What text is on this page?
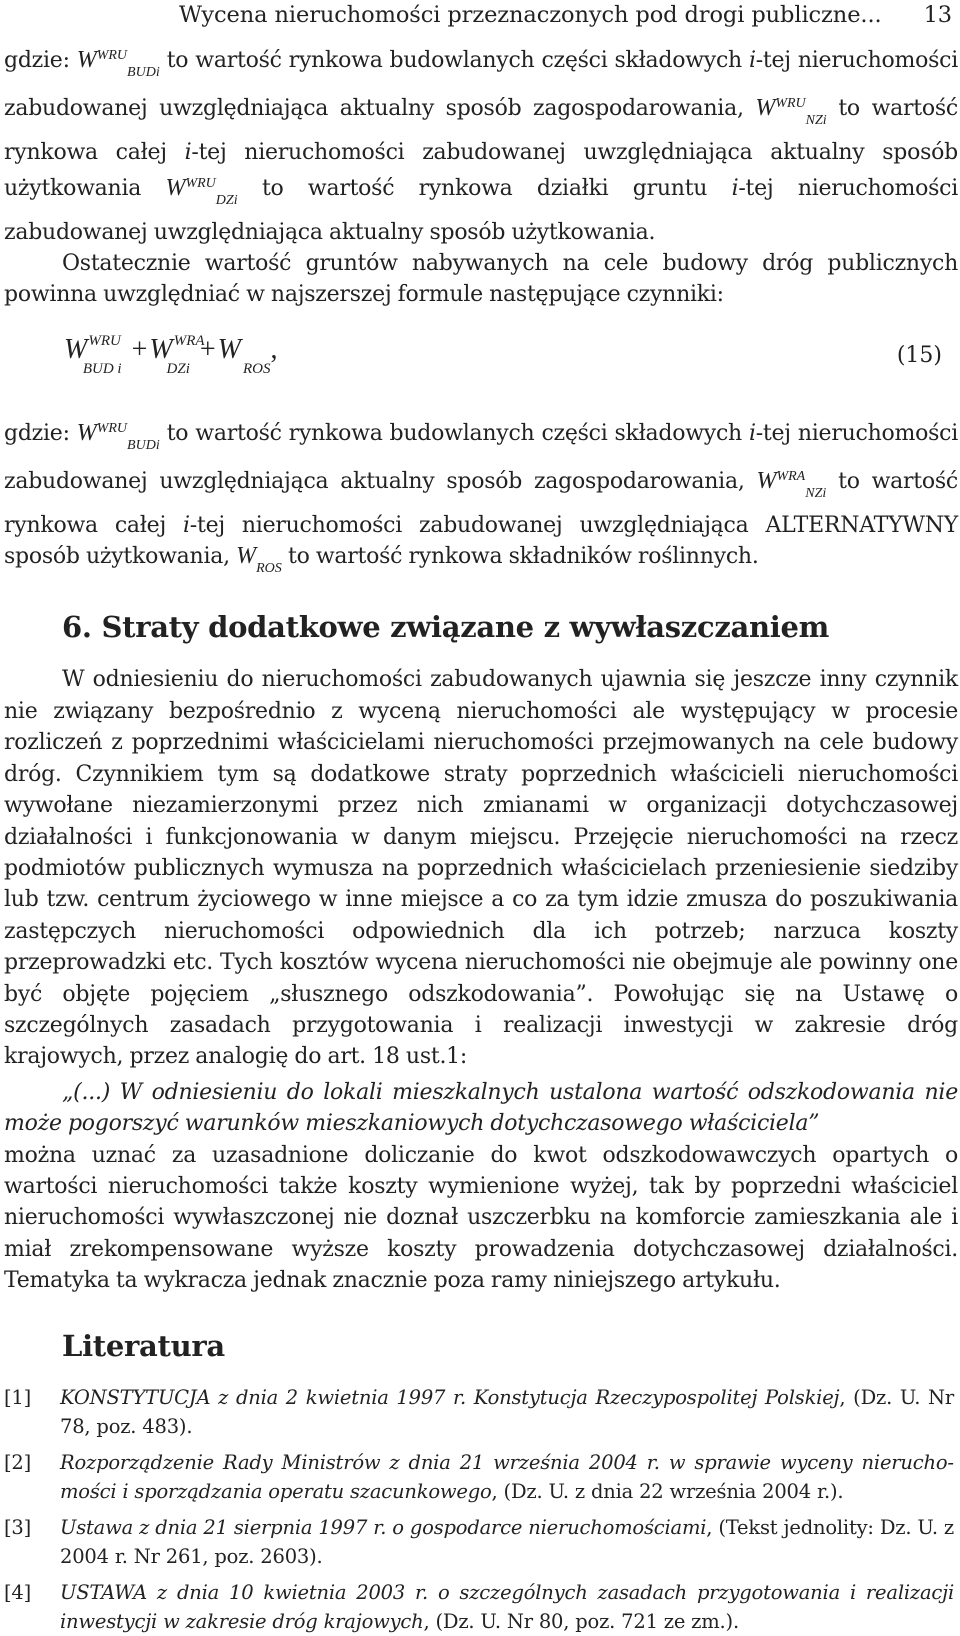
Wycena nieruchomości przeznaczonych pod drogi publiczne... 13

gdzie: $W^{WRU}_{BUDi}$ to wartość rynkowa budowlanych części składowych i-tej nieruchomości zabudowanej uwzględniająca aktualny sposób zagospodarowania, $W^{WRU}_{NZi}$ to wartość rynkowa całej i-tej nieruchomości zabudowanej uwzględniająca aktualny sposób użytkowania $W^{WRU}_{DZi}$ to wartość rynkowa działki gruntu i-tej nieruchomości zabudowanej uwzględniająca aktualny sposób użytkowania.

Ostatecznie wartość gruntów nabywanych na cele budowy dróg publicznych powinna uwzględniać w najszerszej formule następujące czynniki:

$W^{WRU}BUD$ $i+W^{WRA}DZi+WROS$,	(15)

gdzie: $W^{WRU}_{BUDi}$ to wartość rynkowa budowlanych części składowych i-tej nieruchomości zabudowanej uwzględniająca aktualny sposób zagospodarowania, $W^{WRA}_{NZi}$ to wartość rynkowa całej i-tej nieruchomości zabudowanej uwzględniająca ALTERNATYWNY sposób użytkowania, $W_{ROS}$ to wartość rynkowa składników roślinnych.

6. Straty dodatkowe związane z wywłaszczaniem

W odniesieniu do nieruchomości zabudowanych ujawnia się jeszcze inny czynnik nie związany bezpośrednio z wyceną nieruchomości ale występujący w procesie rozliczeń z poprzednimi właścicielami nieruchomości przejmowanych na cele budowy dróg. Czynnikiem tym są dodatkowe straty poprzednich właścicieli nieruchomości wywołane niezamierzonymi przez nich zmianami w organizacji dotychczasowej działalności i funkcjonowania w danym miejscu. Przejęcie nieruchomości na rzecz podmiotów publicznych wymusza na poprzednich właścicielach przeniesienie siedziby lub tzw. centrum życiowego w inne miejsce a co za tym idzie zmusza do poszukiwania zastępczych nieruchomości odpowiednich dla ich potrzeb; narzuca koszty przeprowadzki etc. Tych kosztów wycena nieruchomości nie obejmuje ale powinny one być objęte pojęciem „słusznego odszkodowania”. Powołując się na Ustawę o szczególnych zasadach przygotowania i realizacji inwestycji w zakresie dróg krajowych, przez analogię do art. 18 ust.1:

„(...) W odniesieniu do lokali mieszkalnych ustalona wartość odszkodowania nie może pogorszyć warunków mieszkaniowych dotychczasowego właściciela”

można uznać za uzasadnione doliczanie do kwot odszkodowawczych opartych o wartości nieruchomości także koszty wymienione wyżej, tak by poprzedni właściciel nieruchomości wywłaszczonej nie doznał uszczerbku na komforcie zamieszkania ale i miał zrekompensowane wyższe koszty prowadzenia dotychczasowej działalności. Tematyka ta wykracza jednak znacznie poza ramy niniejszego artykułu.

Literatura
[1]	KONSTYTUCJA z dnia 2 kwietnia 1997 r. Konstytucja Rzeczypospolitej Polskiej, (Dz. U. Nr 78, poz. 483).
[2]	Rozporządzenie Rady Ministrów z dnia 21 września 2004 r. w sprawie wyceny nieruchomości i sporządzania operatu szacunkowego, (Dz. U. z dnia 22 września 2004 r.).
[3]	Ustawa z dnia 21 sierpnia 1997 r. o gospodarce nieruchomościami, (Tekst jednolity: Dz. U. z 2004 r. Nr 261, poz. 2603).
[4]	USTAWA z dnia 10 kwietnia 2003 r. o szczególnych zasadach przygotowania i realizacji inwestycji w zakresie dróg krajowych, (Dz. U. Nr 80, poz. 721 ze zm.).
